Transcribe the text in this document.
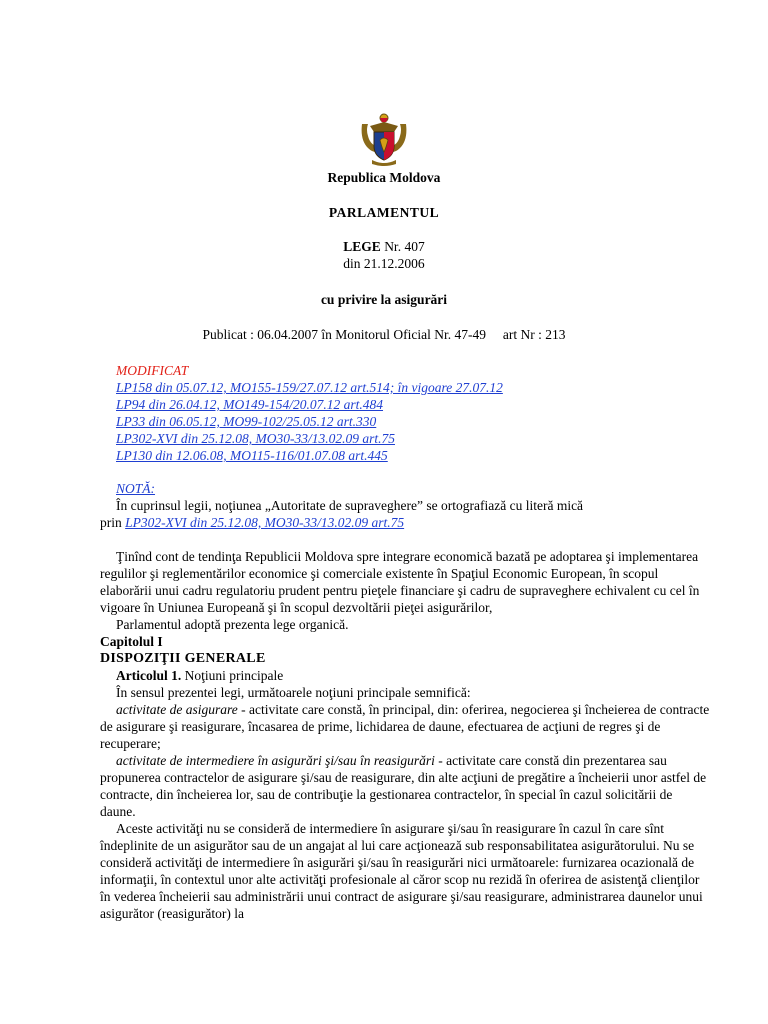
Republica Moldova
PARLAMENTUL
LEGE Nr. 407
din 21.12.2006
cu privire la asigurări
Publicat : 06.04.2007 în Monitorul Oficial Nr. 47-49     art Nr : 213
MODIFICAT
LP158 din 05.07.12, MO155-159/27.07.12 art.514; în vigoare 27.07.12
LP94 din 26.04.12, MO149-154/20.07.12 art.484
LP33 din 06.05.12, MO99-102/25.05.12 art.330
LP302-XVI din 25.12.08, MO30-33/13.02.09 art.75
LP130 din 12.06.08, MO115-116/01.07.08 art.445

NOTĂ:

În cuprinsul legii, noţiunea „Autoritate de supraveghere” se ortografiază cu literă mică

prin LP302-XVI din 25.12.08, MO30-33/13.02.09 art.75

Ţinînd cont de tendinţa Republicii Moldova spre integrare economică bazată pe adoptarea şi implementarea regulilor şi reglementărilor economice şi comerciale existente în Spaţiul Economic European, în scopul elaborării unui cadru regulatoriu prudent pentru pieţele financiare şi cadru de supraveghere echivalent cu cel în vigoare în Uniunea Europeană şi în scopul dezvoltării pieţei asigurărilor,

Parlamentul adoptă prezenta lege organică.

Capitolul I

DISPOZIŢII GENERALE

Articolul 1. Noţiuni principale

În sensul prezentei legi, următoarele noţiuni principale semnifică:

activitate de asigurare - activitate care constă, în principal, din: oferirea, negocierea şi încheierea de contracte de asigurare şi reasigurare, încasarea de prime, lichidarea de daune, efectuarea de acţiuni de regres şi de recuperare;

activitate de intermediere în asigurări şi/sau în reasigurări - activitate care constă din prezentarea sau propunerea contractelor de asigurare şi/sau de reasigurare, din alte acţiuni de pregătire a încheierii unor astfel de contracte, din încheierea lor, sau de contribuţie la gestionarea contractelor, în special în cazul solicitării de daune.

Aceste activităţi nu se consideră de intermediere în asigurare şi/sau în reasigurare în cazul în care sînt îndeplinite de un asigurător sau de un angajat al lui care acţionează sub responsabilitatea asigurătorului. Nu se consideră activităţi de intermediere în asigurări şi/sau în reasigurări nici următoarele: furnizarea ocazională de informaţii, în contextul unor alte activităţi profesionale al căror scop nu rezidă în oferirea de asistenţă clienţilor în vederea încheierii sau administrării unui contract de asigurare şi/sau reasigurare, administrarea daunelor unui asigurător (reasigurător) la
